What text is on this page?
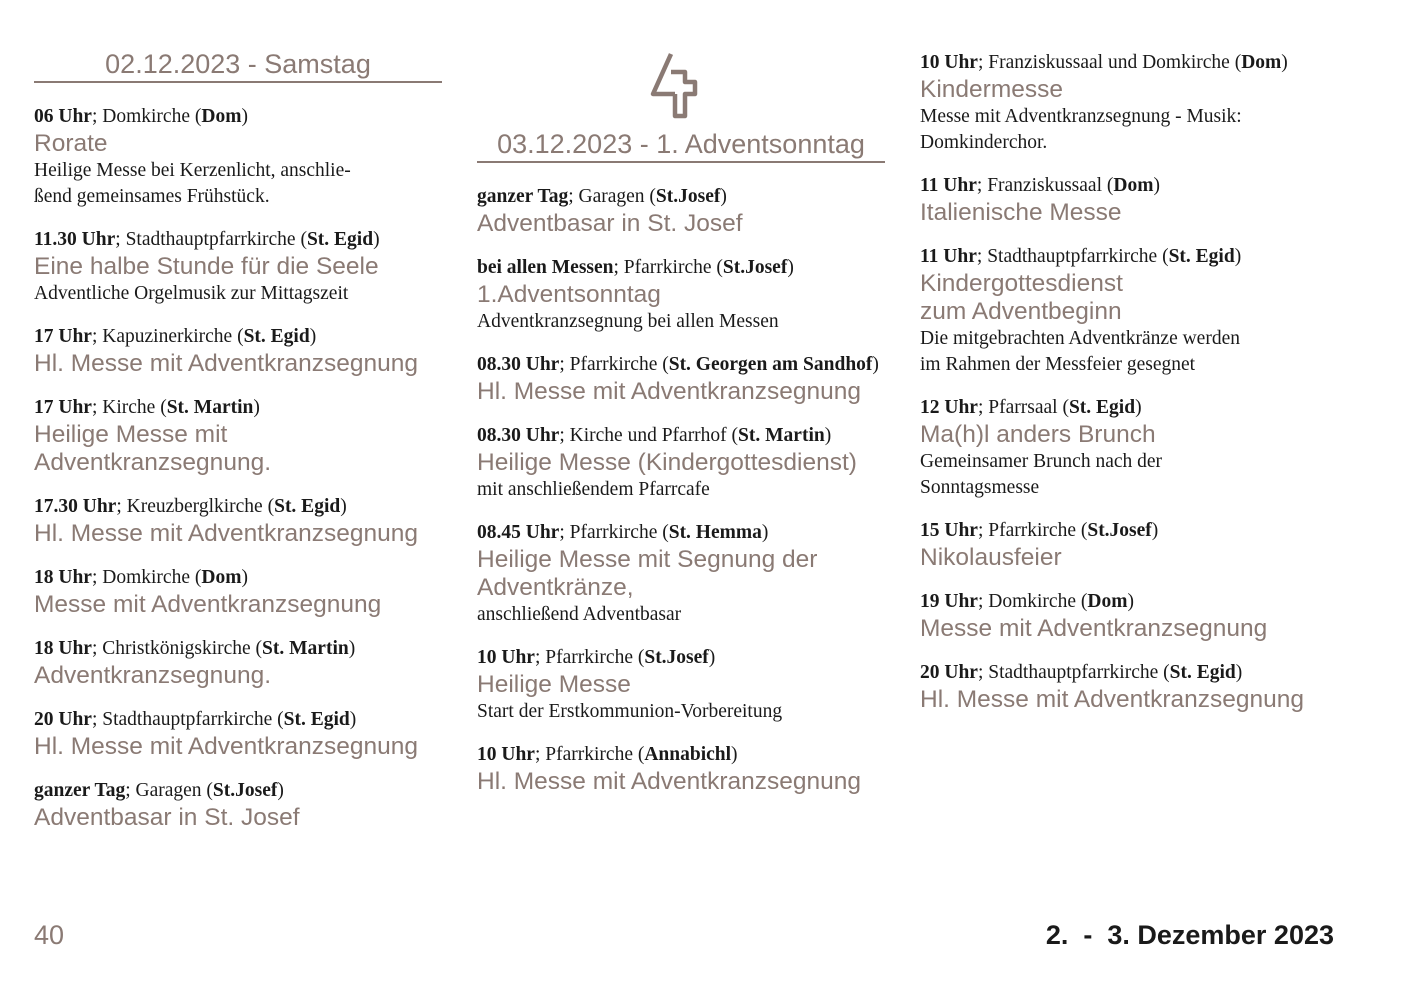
02.12.2023 - Samstag
06 Uhr; Domkirche (Dom)
Rorate
Heilige Messe bei Kerzenlicht, anschlie-
ßend gemeinsames Frühstück.
11.30 Uhr; Stadthauptpfarrkirche (St. Egid)
Eine halbe Stunde für die Seele
Adventliche Orgelmusik zur Mittagszeit
17 Uhr; Kapuzinerkirche (St. Egid)
Hl. Messe mit Adventkranzsegnung
17 Uhr; Kirche (St. Martin)
Heilige Messe mit
Adventkranzsegnung.
17.30 Uhr; Kreuzberglkirche (St. Egid)
Hl. Messe mit Adventkranzsegnung
18 Uhr; Domkirche (Dom)
Messe mit Adventkranzsegnung
18 Uhr; Christkönigskirche (St. Martin)
Adventkranzsegnung.
20 Uhr; Stadthauptpfarrkirche (St. Egid)
Hl. Messe mit Adventkranzsegnung
ganzer Tag; Garagen (St.Josef)
Adventbasar in St. Josef
03.12.2023 - 1. Adventsonntag
ganzer Tag; Garagen (St.Josef)
Adventbasar in St. Josef
bei allen Messen; Pfarrkirche (St.Josef)
1.Adventsonntag
Adventkranzsegnung bei allen Messen
08.30 Uhr; Pfarrkirche (St. Georgen am Sandhof)
Hl. Messe mit Adventkranzsegnung
08.30 Uhr; Kirche und Pfarrhof (St. Martin)
Heilige Messe (Kindergottesdienst)
mit anschließendem Pfarrcafe
08.45 Uhr; Pfarrkirche (St. Hemma)
Heilige Messe mit Segnung der
Adventkränze,
anschließend Adventbasar
10 Uhr; Pfarrkirche (St.Josef)
Heilige Messe
Start der Erstkommunion-Vorbereitung
10 Uhr; Pfarrkirche (Annabichl)
Hl. Messe mit Adventkranzsegnung
10 Uhr; Franziskussaal und Domkirche (Dom)
Kindermesse
Messe mit Adventkranzsegnung - Musik:
Domkinderchor.
11 Uhr; Franziskussaal (Dom)
Italienische Messe
11 Uhr; Stadthauptpfarrkirche (St. Egid)
Kindergottesdienst
zum Adventbeginn
Die mitgebrachten Adventkränze werden
im Rahmen der Messfeier gesegnet
12 Uhr; Pfarrsaal (St. Egid)
Ma(h)l anders Brunch
Gemeinsamer Brunch nach der
Sonntagsmesse
15 Uhr; Pfarrkirche (St.Josef)
Nikolausfeier
19 Uhr; Domkirche (Dom)
Messe mit Adventkranzsegnung
20 Uhr; Stadthauptpfarrkirche (St. Egid)
Hl. Messe mit Adventkranzsegnung
40	2.  -  3. Dezember 2023
